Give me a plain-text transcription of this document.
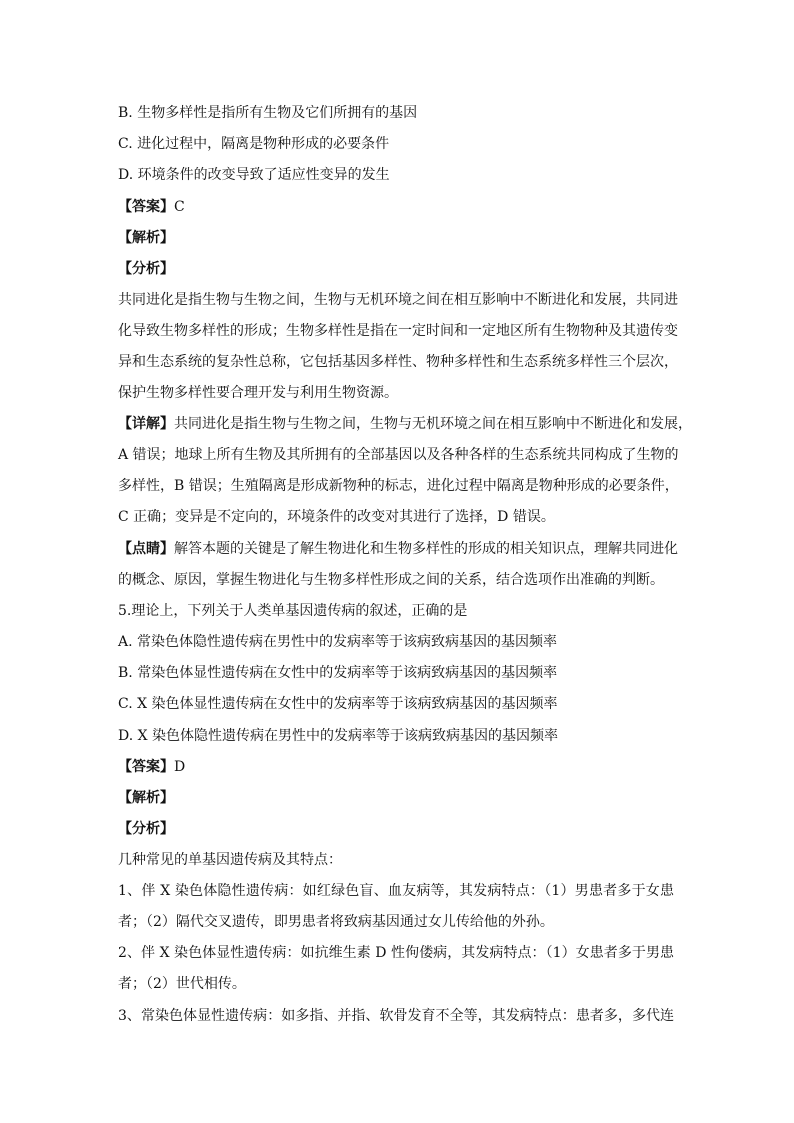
B. 生物多样性是指所有生物及它们所拥有的基因
C. 进化过程中，隔离是物种形成的必要条件
D. 环境条件的改变导致了适应性变异的发生
【答案】C
【解析】
【分析】
共同进化是指生物与生物之间，生物与无机环境之间在相互影响中不断进化和发展，共同进
化导致生物多样性的形成；生物多样性是指在一定时间和一定地区所有生物物种及其遗传变
异和生态系统的复杂性总称，它包括基因多样性、物种多样性和生态系统多样性三个层次，
保护生物多样性要合理开发与利用生物资源。
【详解】共同进化是指生物与生物之间，生物与无机环境之间在相互影响中不断进化和发展，
A 错误；地球上所有生物及其所拥有的全部基因以及各种各样的生态系统共同构成了生物的
多样性，B 错误；生殖隔离是形成新物种的标志，进化过程中隔离是物种形成的必要条件，
C 正确；变异是不定向的，环境条件的改变对其进行了选择，D 错误。
【点睛】解答本题的关键是了解生物进化和生物多样性的形成的相关知识点，理解共同进化
的概念、原因，掌握生物进化与生物多样性形成之间的关系，结合选项作出准确的判断。
5.理论上，下列关于人类单基因遗传病的叙述，正确的是
A. 常染色体隐性遗传病在男性中的发病率等于该病致病基因的基因频率
B. 常染色体显性遗传病在女性中的发病率等于该病致病基因的基因频率
C. X 染色体显性遗传病在女性中的发病率等于该病致病基因的基因频率
D. X 染色体隐性遗传病在男性中的发病率等于该病致病基因的基因频率
【答案】D
【解析】
【分析】
几种常见的单基因遗传病及其特点：
1、伴 X 染色体隐性遗传病：如红绿色盲、血友病等，其发病特点：（1）男患者多于女患
者；（2）隔代交叉遗传，即男患者将致病基因通过女儿传给他的外孙。
2、伴 X 染色体显性遗传病：如抗维生素 D 性佝偻病，其发病特点：（1）女患者多于男患
者；（2）世代相传。
3、常染色体显性遗传病：如多指、并指、软骨发育不全等，其发病特点：患者多，多代连
